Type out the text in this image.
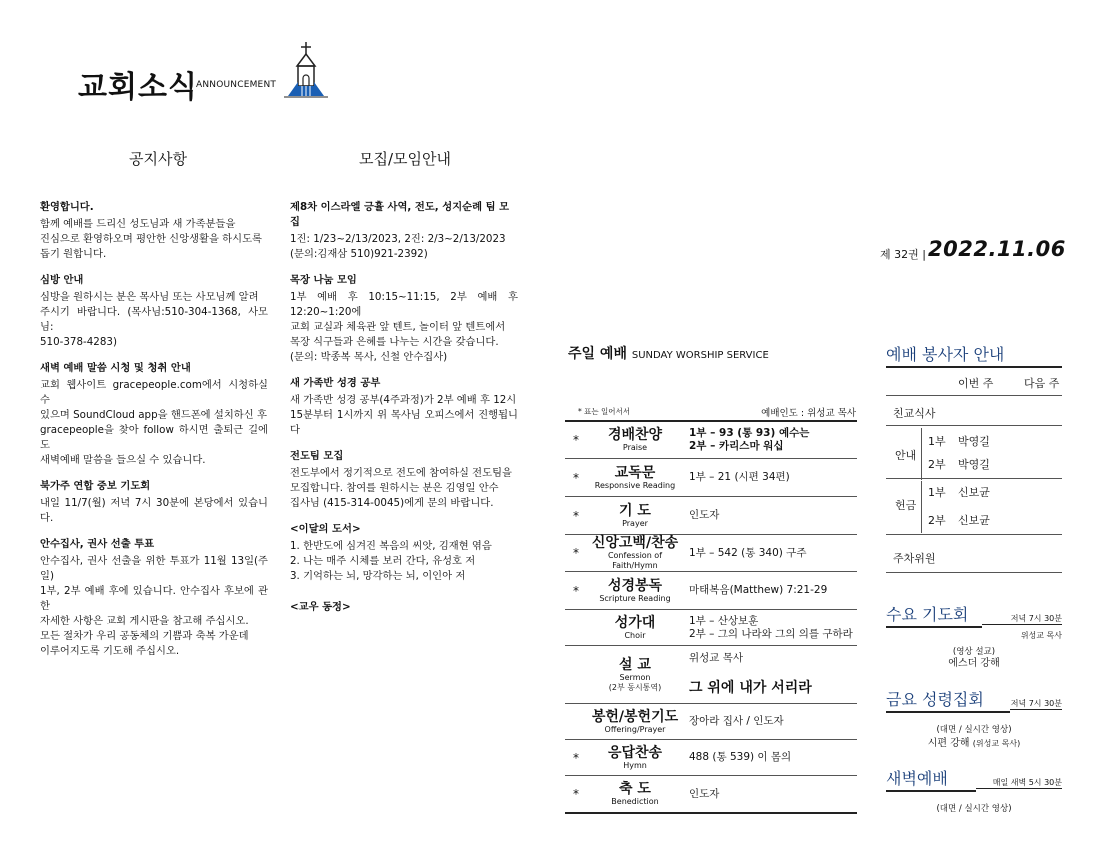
교회소식
ANNOUNCEMENT
공지사항	모집/모임안내
환영합니다.
함께 예배를 드리신 성도님과 새 가족분들을
진심으로 환영하오며 평안한 신앙생활을 하시도록
돕기 원합니다.
심방 안내
심방을 원하시는 분은 목사님 또는 사모님께 알려
주시기 바랍니다. (목사님:510-304-1368, 사모님:
510-378-4283)
새벽 예배 말씀 시청 및 청취 안내
교회 웹사이트 gracepeople.com에서 시청하실 수
있으며 SoundCloud app을 핸드폰에 설치하신 후
gracepeople을 찾아 follow 하시면 출퇴근 길에도
새벽예배 말씀을 들으실 수 있습니다.
북가주 연합 중보 기도회
내일 11/7(월) 저녁 7시 30분에 본당에서 있습니다.
안수집사, 권사 선출 투표
안수집사, 권사 선출을 위한 투표가 11월 13일(주일)
1부, 2부 예배 후에 있습니다. 안수집사 후보에 관한
자세한 사항은 교회 게시판을 참고해 주십시오.
모든 절차가 우리 공동체의 기쁨과 축복 가운데
이루어지도록 기도해 주십시오.
제8차 이스라엘 긍휼 사역, 전도, 성지순례 팀 모집
1진: 1/23~2/13/2023, 2진: 2/3~2/13/2023
(문의:김재삼 510)921-2392)
목장 나눔 모임
1부 예배 후 10:15~11:15, 2부 예배 후 12:20~1:20에
교회 교실과 체육관 앞 텐트, 놀이터 앞 텐트에서
목장 식구들과 은혜를 나누는 시간을 갖습니다.
(문의: 박종복 목사, 신철 안수집사)
새 가족반 성경 공부
새 가족반 성경 공부(4주과정)가 2부 예배 후 12시
15분부터 1시까지 위 목사님 오피스에서 진행됩니다
전도팀 모집
전도부에서 정기적으로 전도에 참여하실 전도팀을
모집합니다. 참여를 원하시는 분은 김영일 안수
집사님 (415-314-0045)에게 문의 바랍니다.
<이달의 도서>
1. 한반도에 심겨진 복음의 씨앗, 김재현 엮음
2. 나는 매주 시체를 보러 간다, 유성호 저
3. 기억하는 뇌, 망각하는 뇌, 이인아 저
<교우 동정>
제 32권 | 2022.11.06
주일 예배 SUNDAY WORSHIP SERVICE
* 표는 일어서서	예배인도 : 위성교 목사
*	경배찬양
Praise
1부 – 93 (통 93) 예수는
2부 – 카리스마 워십
*	교독문
Responsive Reading
1부 – 21 (시편 34편)
*	기 도
Prayer
인도자
*
신앙고백/찬송
Confession of Faith/Hymn
1부 – 542 (통 340) 구주
*	성경봉독
Scripture Reading
마태복음(Matthew) 7:21-29
성가대
Choir
1부 – 산상보훈
2부 – 그의 나라와 그의 의를 구하라
설 교
Sermon
(2부 동시통역)

위성교 목사

그 위에 내가 서리라

봉헌/봉헌기도
Offering/Prayer
장아라 집사 / 인도자
*	응답찬송
Hymn
488 (통 539) 이 몸의
*	축 도
Benediction
인도자
예배 봉사자 안내
이번 주	다음 주
친교식사
안내
1부 박영길
2부 박영길
헌금
1부 신보균
2부 신보균
주차위원
수요 기도회	저녁 7시 30분
위성교 목사
(영상 설교)
에스더 강해
금요 성령집회	저녁 7시 30분
(대면 / 실시간 영상)
시편 강해 (위성교 목사)
새벽예배	매일 새벽 5시 30분
(대면 / 실시간 영상)
